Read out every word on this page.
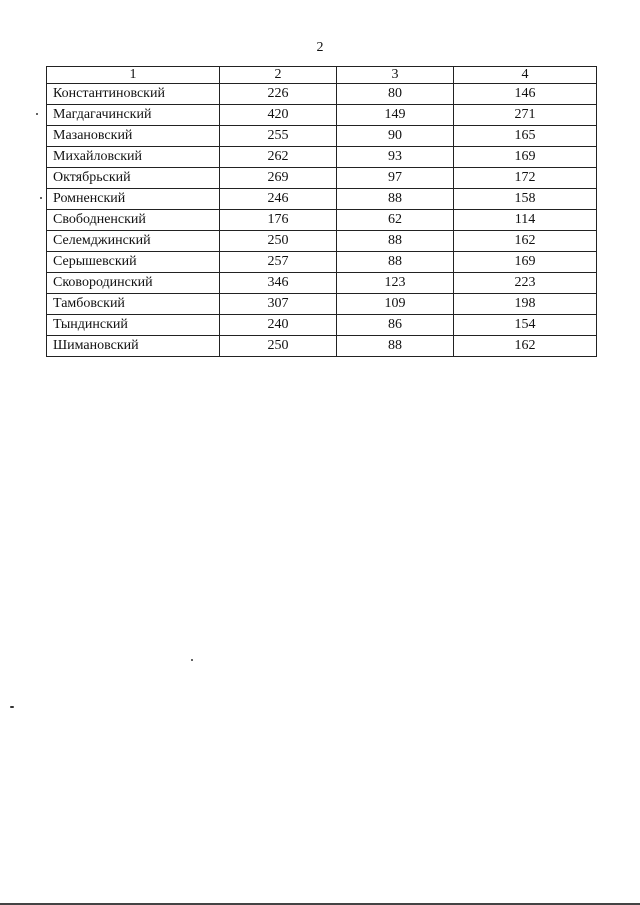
2
1	2	3	4
Константиновский	226	80	146
Магдагачинский	420	149	271
Мазановский	255	90	165
Михайловский	262	93	169
Октябрьский	269	97	172
Ромненский	246	88	158
Свободненский	176	62	114
Селемджинский	250	88	162
Серышевский	257	88	169
Сковородинский	346	123	223
Тамбовский	307	109	198
Тындинский	240	86	154
Шимановский	250	88	162
